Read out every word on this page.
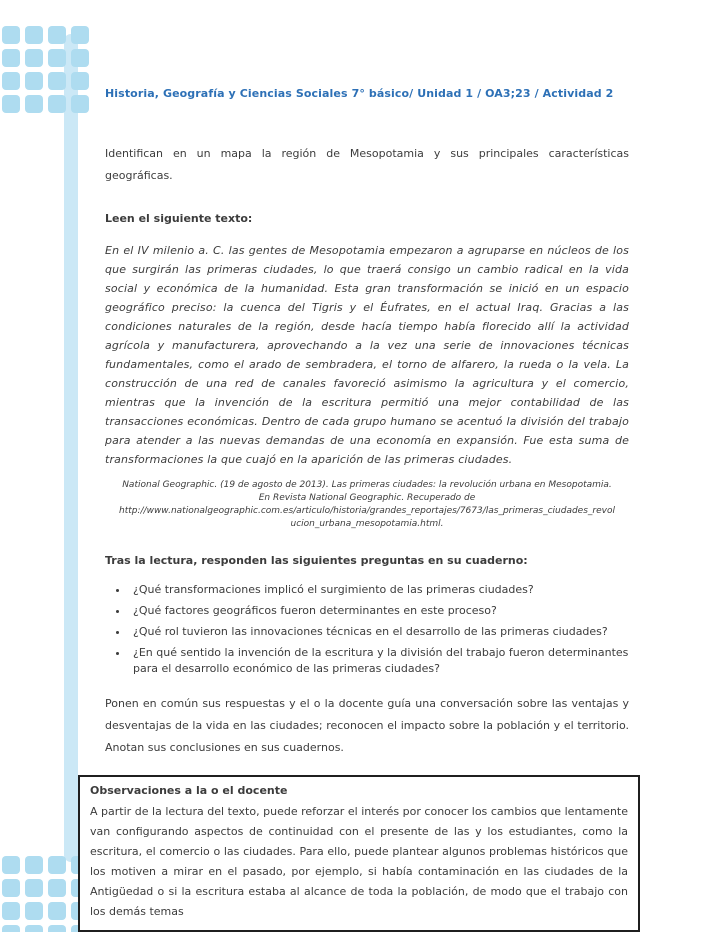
Historia, Geografía y Ciencias Sociales 7° básico/ Unidad 1 / OA3;23 / Actividad 2

Identifican en un mapa la región de Mesopotamia y sus principales características geográficas.

Leen el siguiente texto:

En el IV milenio a. C. las gentes de Mesopotamia empezaron a agruparse en núcleos de los que surgirán las primeras ciudades, lo que traerá consigo un cambio radical en la vida social y económica de la humanidad. Esta gran transformación se inició en un espacio geográfico preciso: la cuenca del Tigris y el Éufrates, en el actual Iraq. Gracias a las condiciones naturales de la región, desde hacía tiempo había florecido allí la actividad agrícola y manufacturera, aprovechando a la vez una serie de innovaciones técnicas fundamentales, como el arado de sembradera, el torno de alfarero, la rueda o la vela. La construcción de una red de canales favoreció asimismo la agricultura y el comercio, mientras que la invención de la escritura permitió una mejor contabilidad de las transacciones económicas. Dentro de cada grupo humano se acentuó la división del trabajo para atender a las nuevas demandas de una economía en expansión. Fue esta suma de transformaciones la que cuajó en la aparición de las primeras ciudades.

National Geographic. (19 de agosto de 2013). Las primeras ciudades: la revolución urbana en Mesopotamia. En Revista National Geographic. Recuperado de http://www.nationalgeographic.com.es/articulo/historia/grandes_reportajes/7673/las_primeras_ciudades_revolucion_urbana_mesopotamia.html.

Tras la lectura, responden las siguientes preguntas en su cuaderno:

• ¿Qué transformaciones implicó el surgimiento de las primeras ciudades?
• ¿Qué factores geográficos fueron determinantes en este proceso?
• ¿Qué rol tuvieron las innovaciones técnicas en el desarrollo de las primeras ciudades?
• ¿En qué sentido la invención de la escritura y la división del trabajo fueron determinantes para el desarrollo económico de las primeras ciudades?

Ponen en común sus respuestas y el o la docente guía una conversación sobre las ventajas y desventajas de la vida en las ciudades; reconocen el impacto sobre la población y el territorio. Anotan sus conclusiones en sus cuadernos.

Observaciones a la o el docente
A partir de la lectura del texto, puede reforzar el interés por conocer los cambios que lentamente van configurando aspectos de continuidad con el presente de las y los estudiantes, como la escritura, el comercio o las ciudades. Para ello, puede plantear algunos problemas históricos que los motiven a mirar en el pasado, por ejemplo, si había contaminación en las ciudades de la Antigüedad o si la escritura estaba al alcance de toda la población, de modo que el trabajo con los demás temas
